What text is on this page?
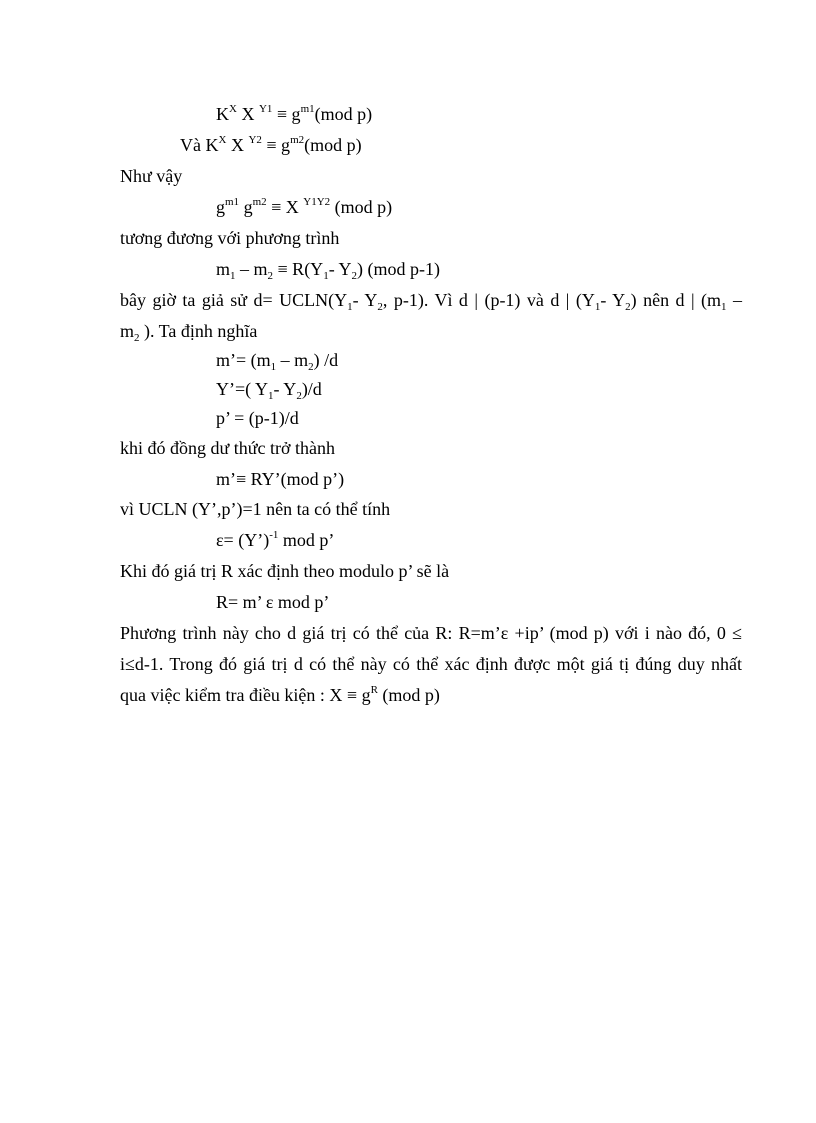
$K^X$ X $^{Y1} \equiv g^{m1}(mod$ p)
Và $K^X$ X $^{Y2} \equiv g^{m2}(mod$ p)
Như vậy
$g^{m1}$ $g^{m2} \equiv X$ $^{Y1Y2}$ (mod p)
tương đương với phương trình
$m_1 - m_2 \equiv R(Y_1-$ $Y_2$) (mod p-1)
bây giờ ta giả sử $d= UCLN(Y_1-$ $Y_2$, p-1). Vì d | (p-1) và d | ($Y_1-$ $Y_2$) nên d | ($m_1$ –
$m_2$ ). Ta định nghĩa
m’= $(m_1 - m_2)$ /d
Y’=( $Y_1-$ $Y_2)/d$
p’ = (p-1)/d
khi đó đồng dư thức trở thành
m’≡ RY’(mod p’)
vì UCLN (Y’,p’)=1 nên ta có thể tính
ε= (Y’)$^{-1}$ mod p’
Khi đó giá trị R xác định theo modulo p’ sẽ là
R= m’ ε mod p’
Phương trình này cho d giá trị có thể của R: R=m’ε +ip’ (mod p) với i nào đó, 0 ≤
i≤d-1. Trong đó giá trị d có thể này có thể xác định được một giá tị đúng duy nhất
qua việc kiểm tra điều kiện : $X \equiv g^R$ (mod p)
